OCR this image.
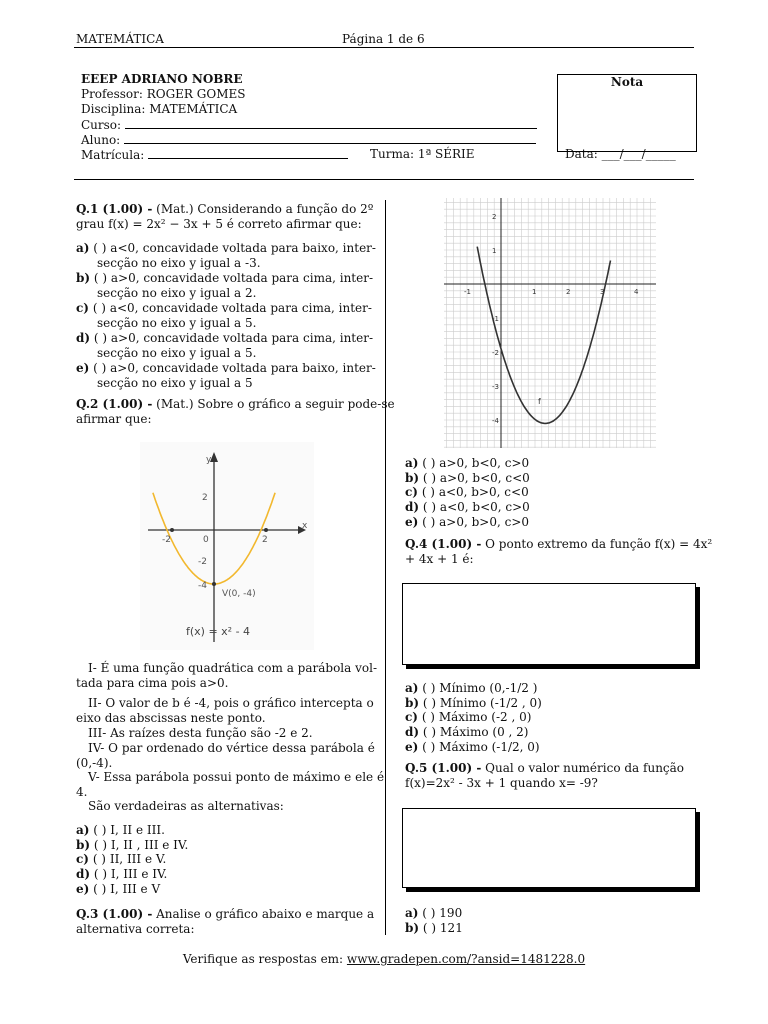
MATEMÁTICA	Página 1 de 6
EEEP ADRIANO NOBRE
Professor: ROGER GOMES
Disciplina: MATEMÁTICA
Curso:
Aluno:
Matrícula:	Turma: 1ª SÉRIE	Data: ___/___/_____
Nota
Q.1 (1.00) - (Mat.) Considerando a função do 2º
grau f(x) = 2x² − 3x + 5 é correto afirmar que:
a) ( ) a<0, concavidade voltada para baixo, inter-
secção no eixo y igual a -3.
b) ( ) a>0, concavidade voltada para cima, inter-
secção no eixo y igual a 2.
c) ( ) a<0, concavidade voltada para cima, inter-
secção no eixo y igual a 5.
d) ( ) a>0, concavidade voltada para cima, inter-
secção no eixo y igual a 5.
e) ( ) a>0, concavidade voltada para baixo, inter-
secção no eixo y igual a 5
Q.2 (1.00) - (Mat.) Sobre o gráfico a seguir pode-se
afirmar que:
y
x
-2	2
0
2
-2
-4
V(0, -4)
f(x) = x² - 4
I- É uma função quadrática com a parábola vol-
tada para cima pois a>0.
II- O valor de b é -4, pois o gráfico intercepta o
eixo das abscissas neste ponto.
III- As raízes desta função são -2 e 2.
IV- O par ordenado do vértice dessa parábola é
(0,-4).
V- Essa parábola possui ponto de máximo e ele é
4.
São verdadeiras as alternativas:
a) ( ) I, II e III.
b) ( ) I, II , III e IV.
c) ( ) II, III e V.
d) ( ) I, III e IV.
e) ( ) I, III e V
Q.3 (1.00) - Analise o gráfico abaixo e marque a
alternativa correta:
-1	1	2	3	4
2
1
-1
-2
-3
-4
f
a) ( ) a>0, b<0, c>0
b) ( ) a>0, b<0, c<0
c) ( ) a<0, b>0, c<0
d) ( ) a<0, b<0, c>0
e) ( ) a>0, b>0, c>0
Q.4 (1.00) - O ponto extremo da função f(x) = 4x²
+ 4x + 1 é:
a) ( ) Mínimo (0,-1/2 )
b) ( ) Mínimo (-1/2 , 0)
c) ( ) Máximo (-2 , 0)
d) ( ) Máximo (0 , 2)
e) ( ) Máximo (-1/2, 0)
Q.5 (1.00) - Qual o valor numérico da função
f(x)=2x² - 3x + 1 quando x= -9?
a) ( ) 190
b) ( ) 121
Verifique as respostas em: www.gradepen.com/?ansid=1481228.0
